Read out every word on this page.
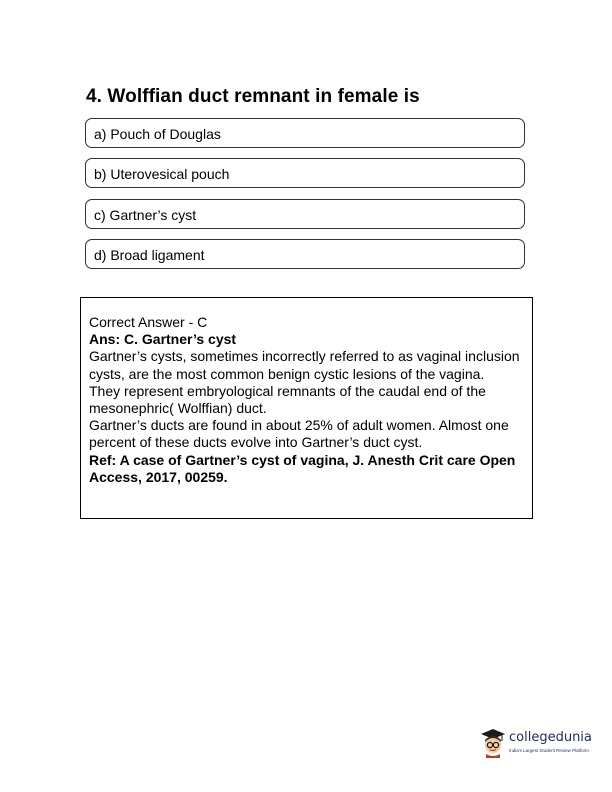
4. Wolffian duct remnant in female is
a) Pouch of Douglas
b) Uterovesical pouch
c) Gartner’s cyst
d) Broad ligament

Correct Answer - C

Ans: C. Gartner’s cyst

Gartner’s cysts, sometimes incorrectly referred to as vaginal inclusion cysts, are the most common benign cystic lesions of the vagina.

They represent embryological remnants of the caudal end of the mesonephric( Wolffian) duct.

Gartner’s ducts are found in about 25% of adult women. Almost one percent of these ducts evolve into Gartner’s duct cyst.

Ref: A case of Gartner’s cyst of vagina, J. Anesth Crit care Open Access, 2017, 00259.

collegedunia
India's Largest Student Review Platform
